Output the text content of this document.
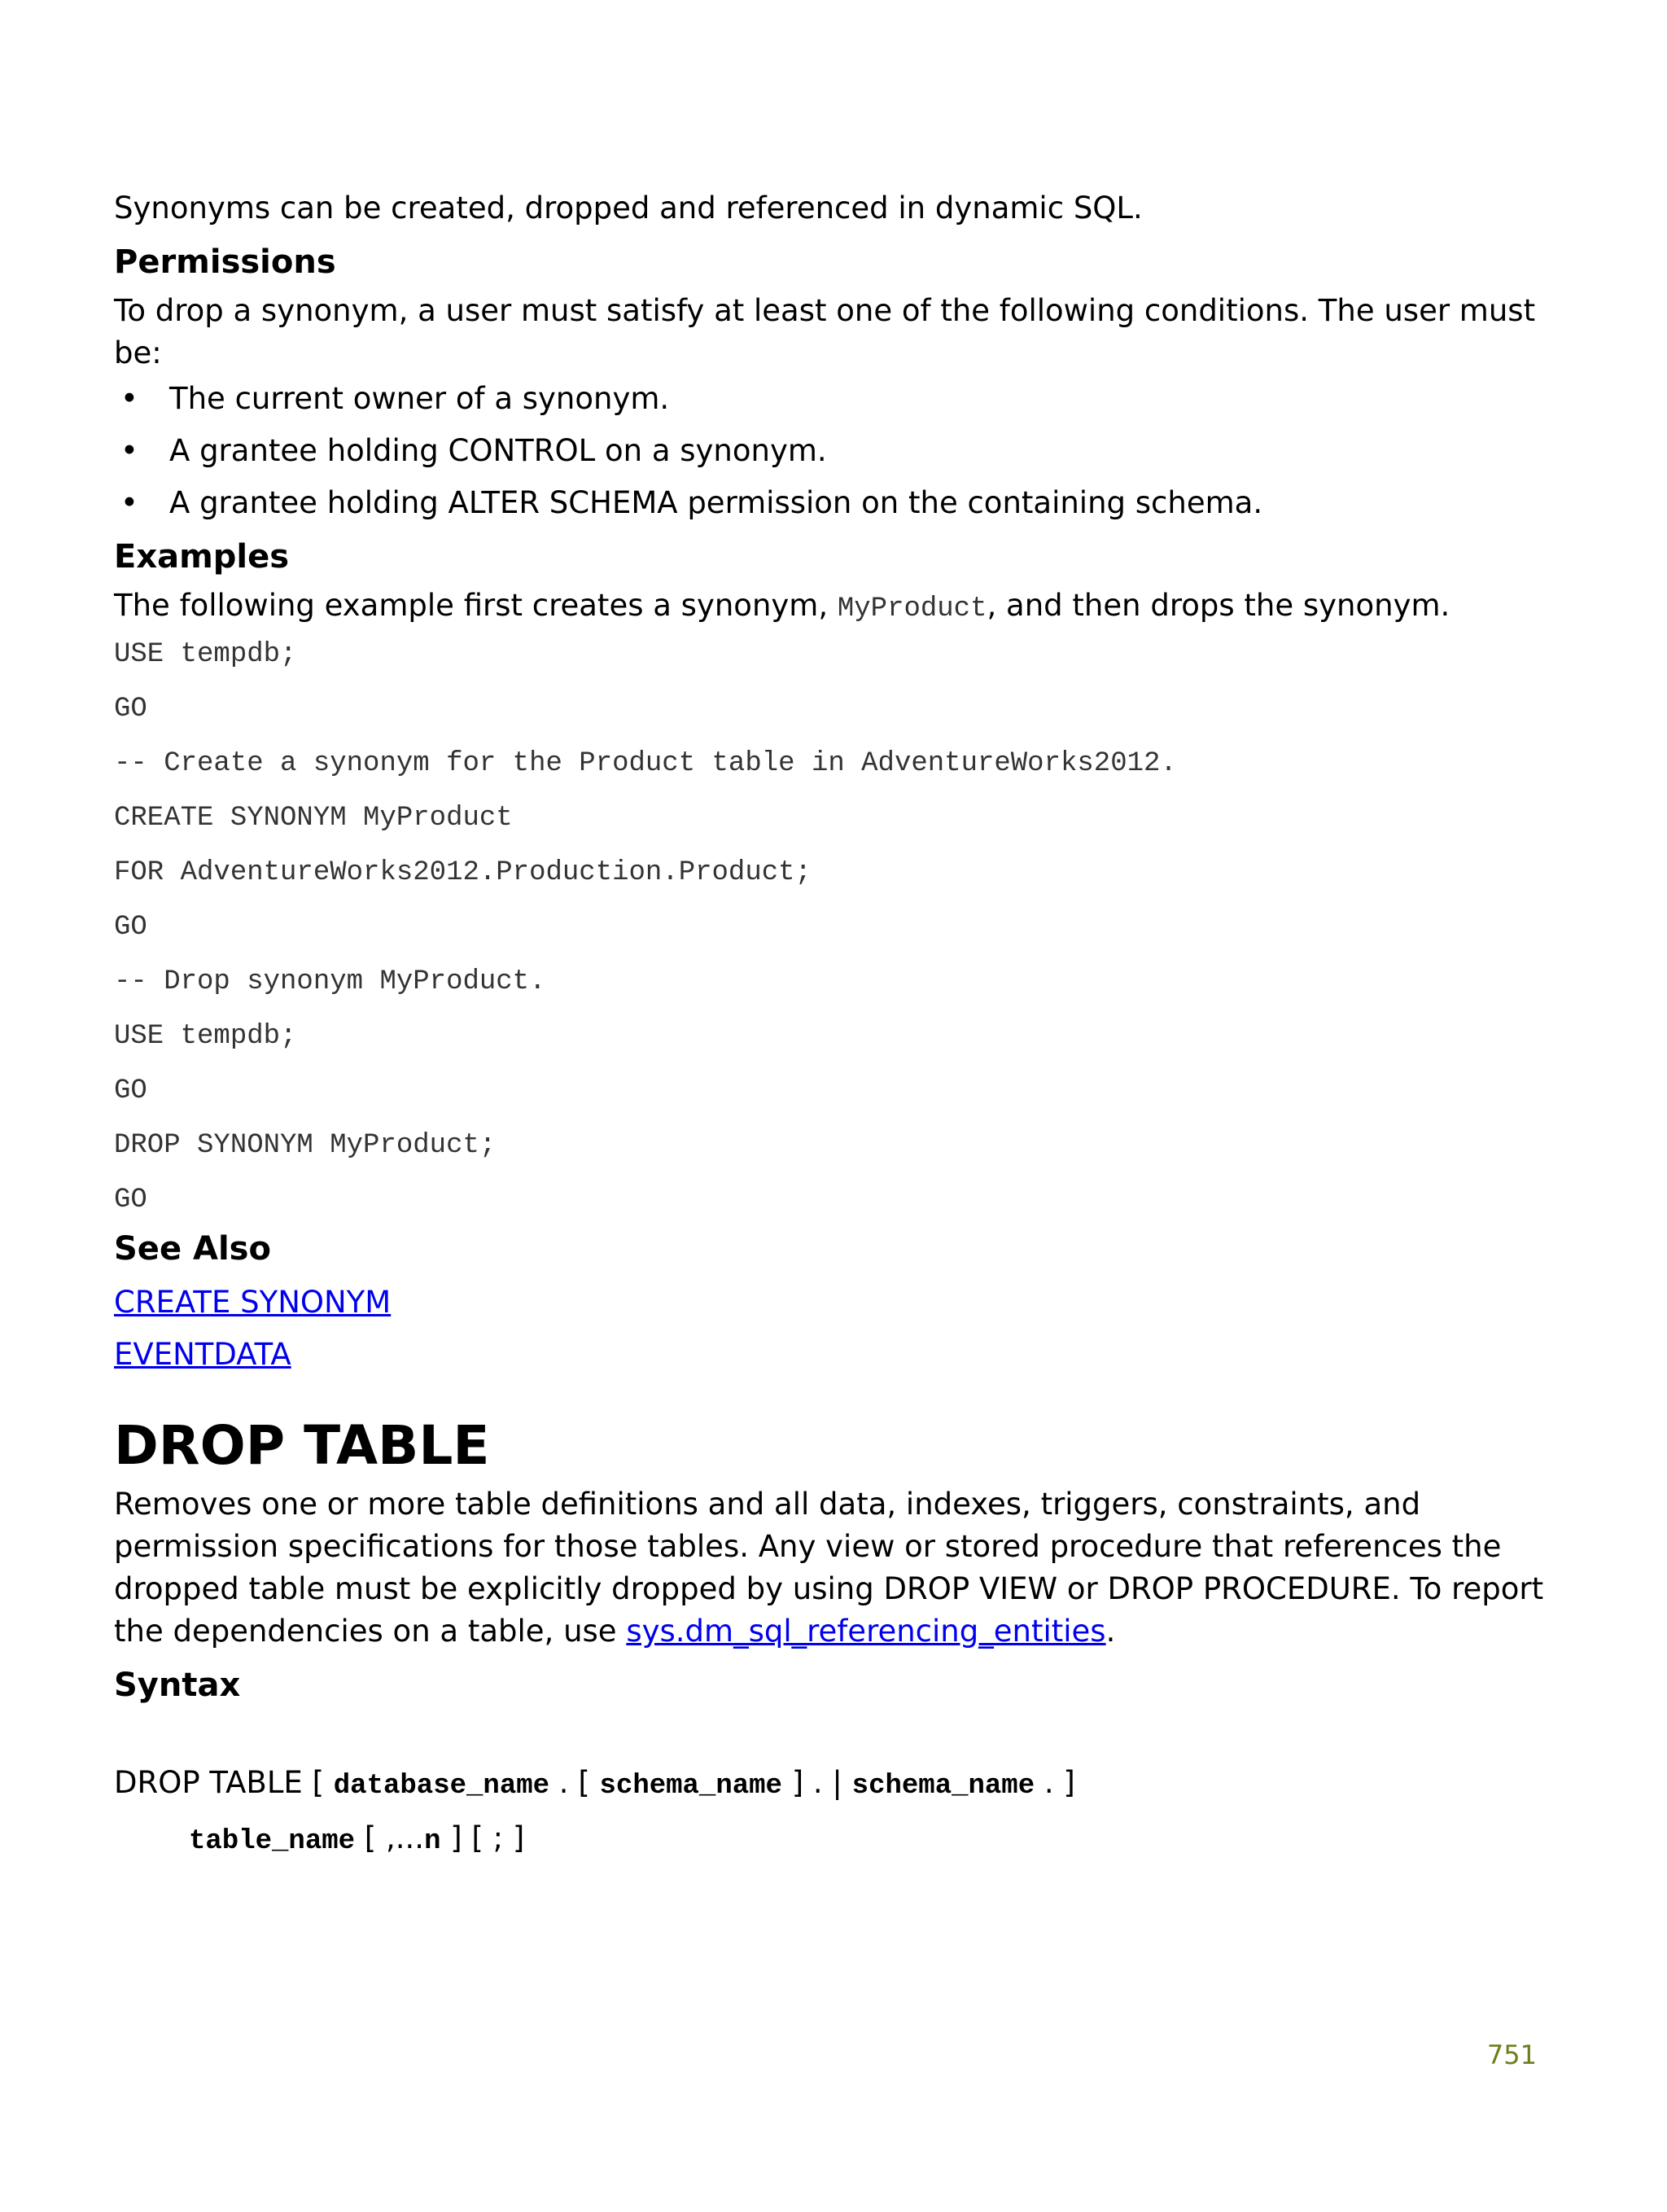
Synonyms can be created, dropped and referenced in dynamic SQL.

Permissions

To drop a synonym, a user must satisfy at least one of the following conditions. The user must be:

• The current owner of a synonym.
• A grantee holding CONTROL on a synonym.
• A grantee holding ALTER SCHEMA permission on the containing schema.
Examples

The following example first creates a synonym, MyProduct, and then drops the synonym.

USE tempdb;
GO
-- Create a synonym for the Product table in AdventureWorks2012.
CREATE SYNONYM MyProduct
FOR AdventureWorks2012.Production.Product;
GO
-- Drop synonym MyProduct.
USE tempdb;
GO
DROP SYNONYM MyProduct;
GO
See Also
CREATE SYNONYM
EVENTDATA
DROP TABLE

Removes one or more table definitions and all data, indexes, triggers, constraints, and permission specifications for those tables. Any view or stored procedure that references the dropped table must be explicitly dropped by using DROP VIEW or DROP PROCEDURE. To report the dependencies on a table, use sys.dm_sql_referencing_entities.

Syntax
DROP TABLE [ database_name . [ schema_name ] . | schema_name . ]
table_name [ ,...n ] [ ; ]
751
